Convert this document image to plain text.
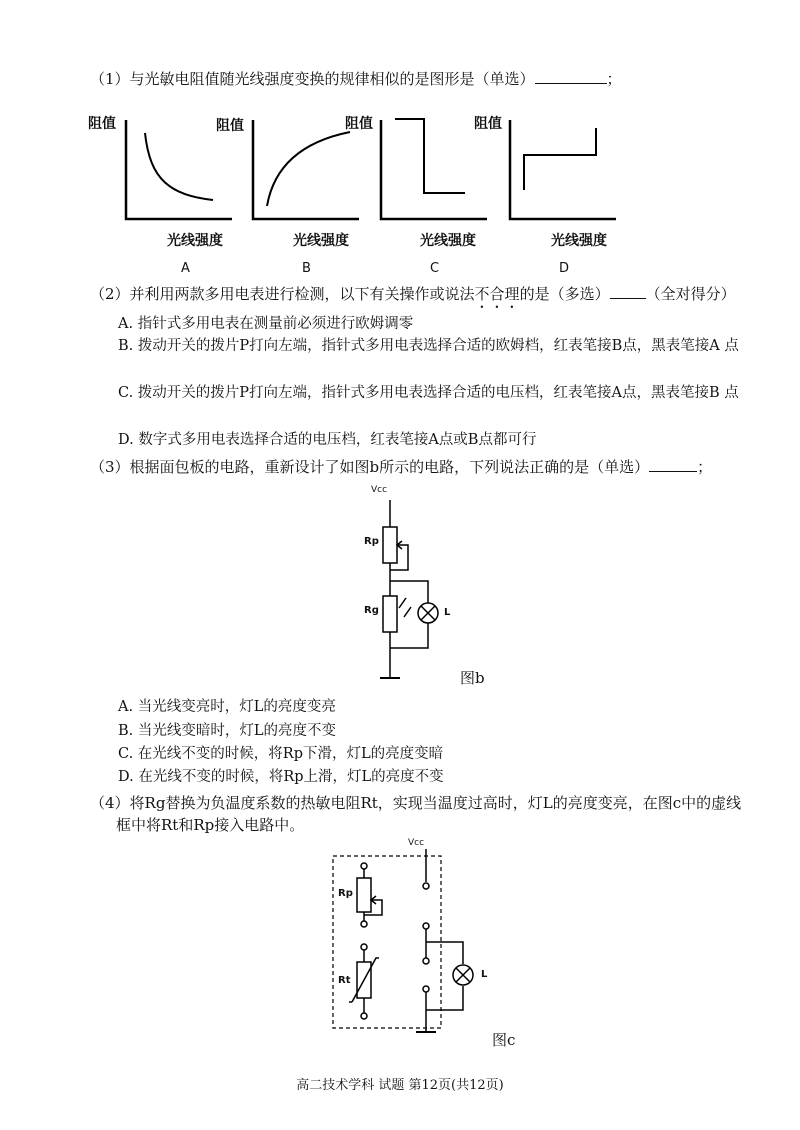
（1）与光敏电阻值随光线强度变换的规律相似的是图形是（单选）	；
阻值	阻值	阻值	阻值
光线强度	光线强度	光线强度	光线强度
A	B	C	D
（2）并利用两款多用电表进行检测，以下有关操作或说法不合理的是（多选） （全对得分）
A. 指针式多用电表在测量前必须进行欧姆调零
B. 拨动开关的拨片P打向左端，指针式多用电表选择合适的欧姆档，红表笔接B点，黑表笔接A 点
C. 拨动开关的拨片P打向左端，指针式多用电表选择合适的电压档，红表笔接A点，黑表笔接B 点
D. 数字式多用电表选择合适的电压档，红表笔接A点或B点都可行
（3）根据面包板的电路，重新设计了如图b所示的电路，下列说法正确的是（单选）	；
Vcc
Rp
Rg	L
图b
A. 当光线变亮时，灯L的亮度变亮
B. 当光线变暗时，灯L的亮度不变
C. 在光线不变的时候，将Rp下滑，灯L的亮度变暗
D. 在光线不变的时候，将Rp上滑，灯L的亮度不变
（4）将Rg替换为负温度系数的热敏电阻Rt，实现当温度过高时，灯L的亮度变亮，在图c中的虚线框中将Rt和Rp接入电路中。
Vcc
Rp
Rt
L
图c
高二技术学科 试题 第12页(共12页)
